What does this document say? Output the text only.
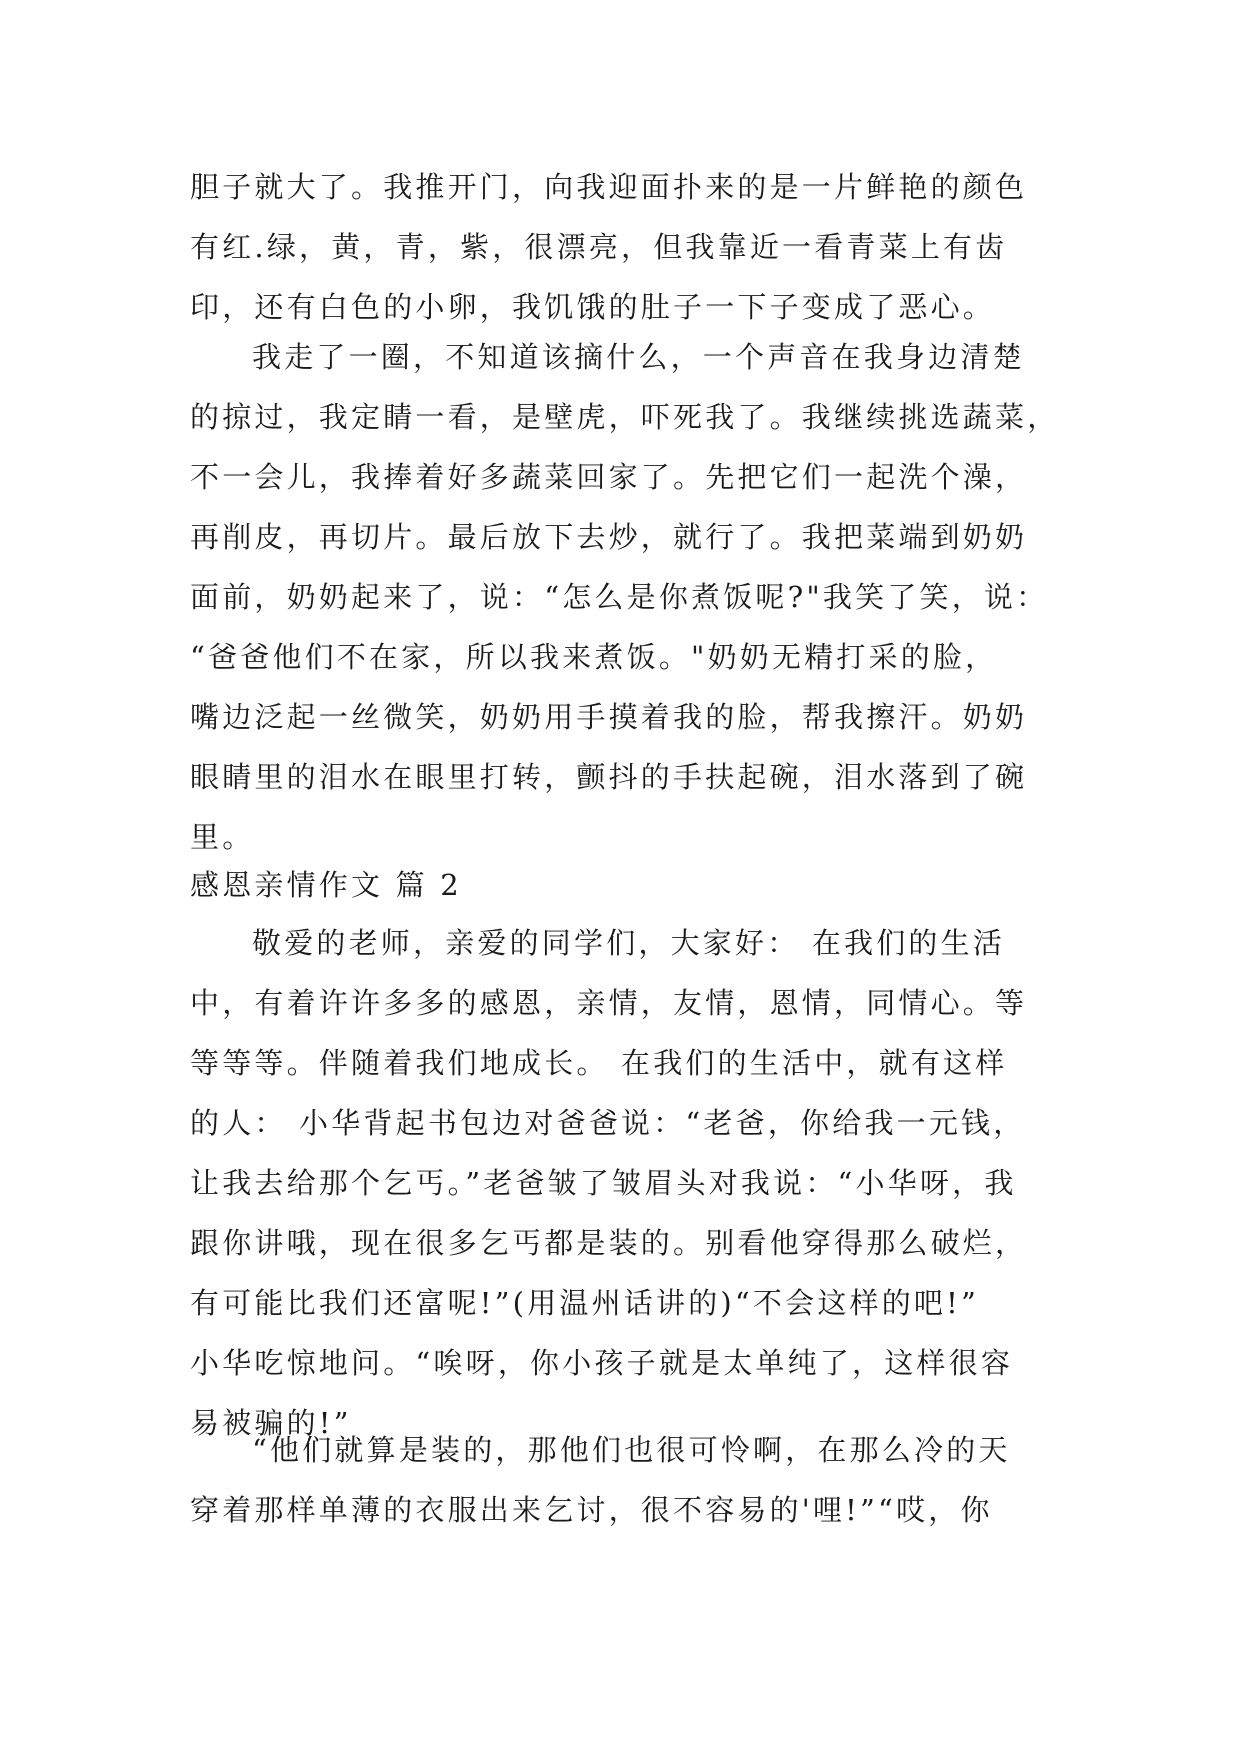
胆子就大了。我推开门，向我迎面扑来的是一片鲜艳的颜色
有红.绿，黄，青，紫，很漂亮，但我靠近一看青菜上有齿
印，还有白色的小卵，我饥饿的肚子一下子变成了恶心。
我走了一圈，不知道该摘什么，一个声音在我身边清楚
的掠过，我定睛一看，是壁虎，吓死我了。我继续挑选蔬菜，
不一会儿，我捧着好多蔬菜回家了。先把它们一起洗个澡，
再削皮，再切片。最后放下去炒，就行了。我把菜端到奶奶
面前，奶奶起来了，说：“怎么是你煮饭呢?"我笑了笑，说：
“爸爸他们不在家，所以我来煮饭。"奶奶无精打采的脸，
嘴边泛起一丝微笑，奶奶用手摸着我的脸，帮我擦汗。奶奶
眼睛里的泪水在眼里打转，颤抖的手扶起碗，泪水落到了碗
里。
感恩亲情作文 篇 2
敬爱的老师，亲爱的同学们，大家好： 在我们的生活
中，有着许许多多的感恩，亲情，友情，恩情，同情心。等
等等等。伴随着我们地成长。 在我们的生活中，就有这样
的人： 小华背起书包边对爸爸说：“老爸，你给我一元钱，
让我去给那个乞丐。”老爸皱了皱眉头对我说：“小华呀，我
跟你讲哦，现在很多乞丐都是装的。别看他穿得那么破烂，
有可能比我们还富呢!”(用温州话讲的)“不会这样的吧!”
小华吃惊地问。“唉呀，你小孩子就是太单纯了，这样很容
易被骗的!”
“他们就算是装的，那他们也很可怜啊，在那么冷的天
穿着那样单薄的衣服出来乞讨，很不容易的'哩!”“哎，你
